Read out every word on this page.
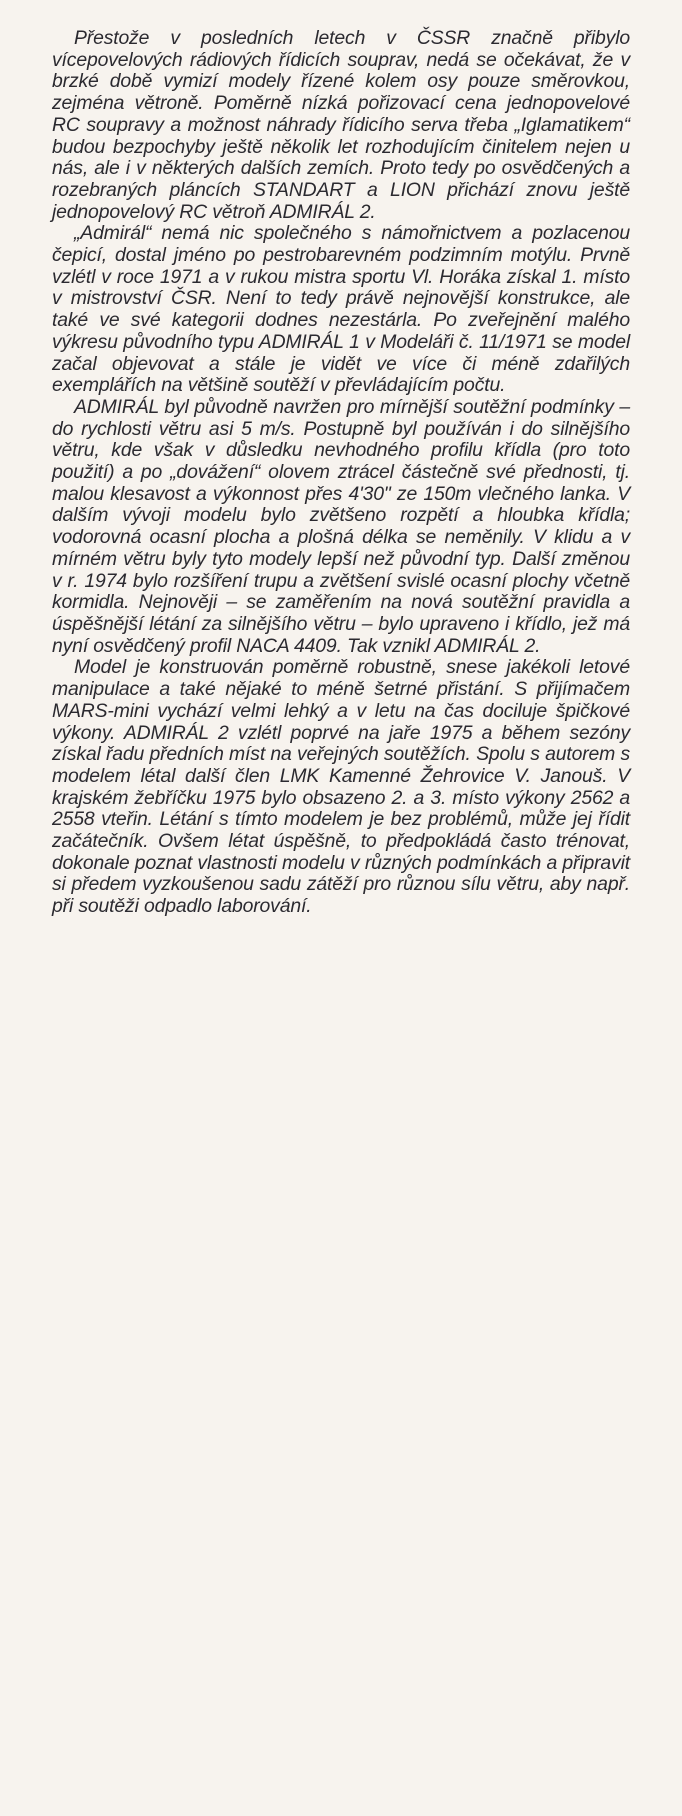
Přestože v posledních letech v ČSSR značně přibylo vícepovelových rádiových řídicích souprav, nedá se očekávat, že v brzké době vymizí modely řízené kolem osy pouze směrovkou, zejména větroně. Poměrně nízká pořizovací cena jednopovelové RC soupravy a možnost náhrady řídicího serva třeba „Iglamatikem“ budou bezpochyby ještě několik let rozhodujícím činitelem nejen u nás, ale i v některých dalších zemích. Proto tedy po osvědčených a rozebraných pláncích STANDART a LION přichází znovu ještě jednopovelový RC větroň ADMIRÁL 2.

„Admirál“ nemá nic společného s námořnictvem a pozlacenou čepicí, dostal jméno po pestrobarevném podzimním motýlu. Prvně vzlétl v roce 1971 a v rukou mistra sportu Vl. Horáka získal 1. místo v mistrovství ČSR. Není to tedy právě nejnovější konstrukce, ale také ve své kategorii dodnes nezestárla. Po zveřejnění malého výkresu původního typu ADMIRÁL 1 v Modeláři č. 11/1971 se model začal objevovat a stále je vidět ve více či méně zdařilých exemplářích na většině soutěží v převládajícím počtu.

ADMIRÁL byl původně navržen pro mírnější soutěžní podmínky – do rychlosti větru asi 5 m/s. Postupně byl používán i do silnějšího větru, kde však v důsledku nevhodného profilu křídla (pro toto použití) a po „dovážení“ olovem ztrácel částečně své přednosti, tj. malou klesavost a výkonnost přes 4'30" ze 150m vlečného lanka. V dalším vývoji modelu bylo zvětšeno rozpětí a hloubka křídla; vodorovná ocasní plocha a plošná délka se neměnily. V klidu a v mírném větru byly tyto modely lepší než původní typ. Další změnou v r. 1974 bylo rozšíření trupu a zvětšení svislé ocasní plochy včetně kormidla. Nejnověji – se zaměřením na nová soutěžní pravidla a úspěšnější létání za silnějšího větru – bylo upraveno i křídlo, jež má nyní osvědčený profil NACA 4409. Tak vznikl ADMIRÁL 2.

Model je konstruován poměrně robustně, snese jakékoli letové manipulace a také nějaké to méně šetrné přistání. S přijímačem MARS-mini vychází velmi lehký a v letu na čas dociluje špičkové výkony. ADMIRÁL 2 vzlétl poprvé na jaře 1975 a během sezóny získal řadu předních míst na veřejných soutěžích. Spolu s autorem s modelem létal další člen LMK Kamenné Žehrovice V. Janouš. V krajském žebříčku 1975 bylo obsazeno 2. a 3. místo výkony 2562 a 2558 vteřin. Létání s tímto modelem je bez problémů, může jej řídit začátečník. Ovšem létat úspěšně, to předpokládá často trénovat, dokonale poznat vlastnosti modelu v různých podmínkách a připravit si předem vyzkoušenou sadu zátěží pro různou sílu větru, aby např. při soutěži odpadlo laborování.
